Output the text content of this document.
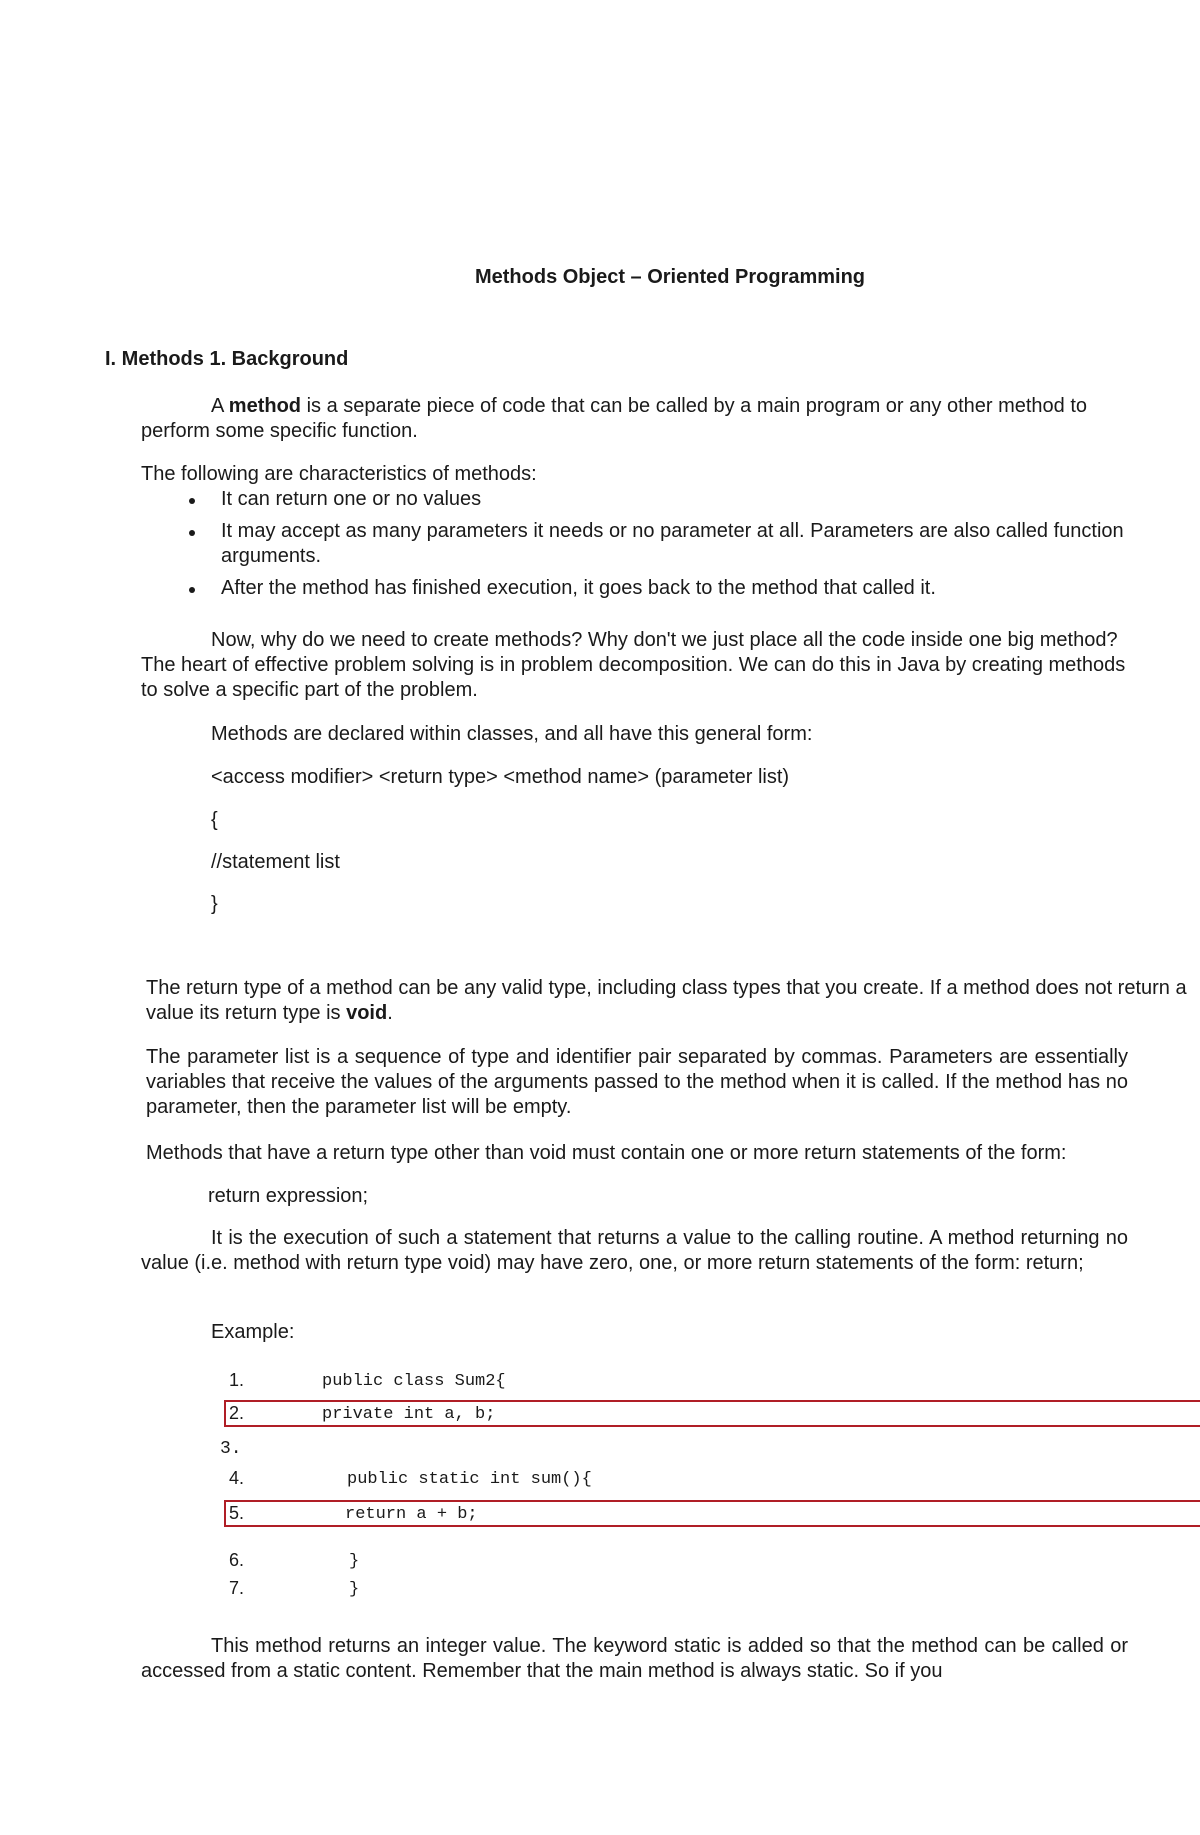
Methods Object – Oriented Programming
I. Methods 1. Background
A method is a separate piece of code that can be called by a main program or any other method to perform some specific function.
The following are characteristics of methods:
It can return one or no values
It may accept as many parameters it needs or no parameter at all. Parameters are also called function arguments.
After the method has finished execution, it goes back to the method that called it.
Now, why do we need to create methods? Why don't we just place all the code inside one big method? The heart of effective problem solving is in problem decomposition. We can do this in Java by creating methods to solve a specific part of the problem.
Methods are declared within classes, and all have this general form:
<access modifier> <return type> <method name> (parameter list)
{
//statement list
}
The return type of a method can be any valid type, including class types that you create. If a method does not return a value its return type is void.
The parameter list is a sequence of type and identifier pair separated by commas. Parameters are essentially variables that receive the values of the arguments passed to the method when it is called. If the method has no parameter, then the parameter list will be empty.
Methods that have a return type other than void must contain one or more return statements of the form:
return expression;
It is the execution of such a statement that returns a value to the calling routine. A method returning no value (i.e. method with return type void) may have zero, one, or more return statements of the form: return;
Example:
1.	public class Sum2{
2.	private int a, b;
3.
4.	public static int sum(){
5.	return a + b;
6.	}
7.	}
This method returns an integer value. The keyword static is added so that the method can be called or accessed from a static content. Remember that the main method is always static. So if you
